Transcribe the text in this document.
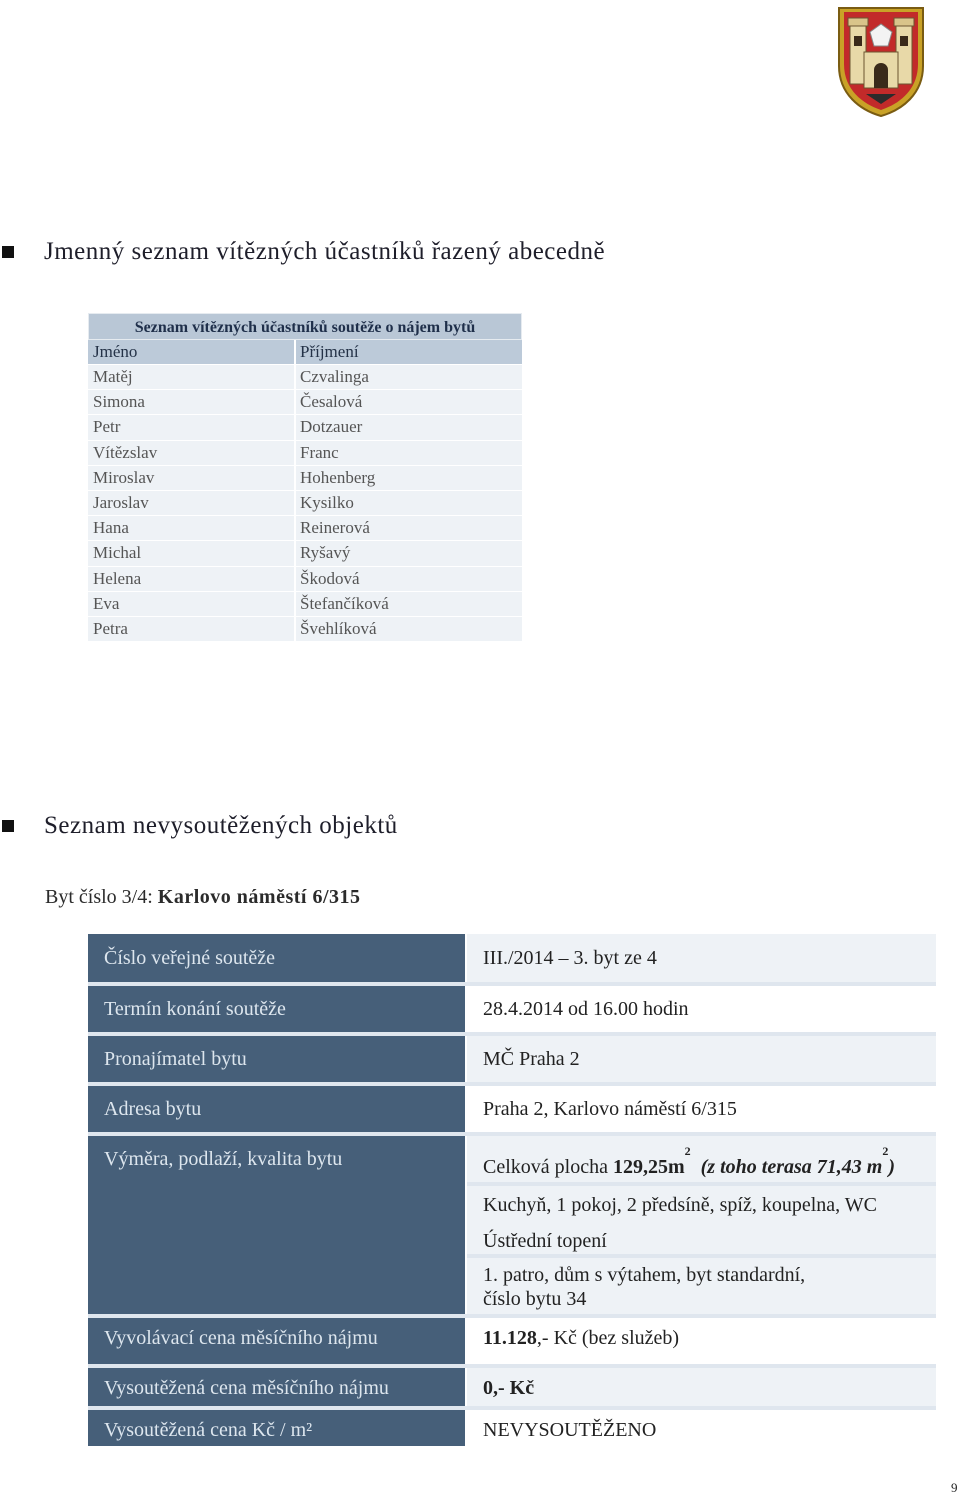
Jmenný seznam vítězných účastníků řazený abecedně
Seznam vítězných účastníků soutěže o nájem bytů
Jméno	Příjmení
Matěj	Czvalinga
Simona	Česalová
Petr	Dotzauer
Vítězslav	Franc
Miroslav	Hohenberg
Jaroslav	Kysilko
Hana	Reinerová
Michal	Ryšavý
Helena	Škodová
Eva	Štefančíková
Petra	Švehlíková
Seznam nevysoutěžených objektů
Byt číslo 3/4: Karlovo náměstí 6/315
Číslo veřejné soutěže	III./2014 – 3. byt ze 4
Termín konání soutěže	28.4.2014 od 16.00 hodin
Pronajímatel bytu	MČ Praha 2
Adresa bytu	Praha 2, Karlovo náměstí 6/315
Výměra, podlaží, kvalita bytu	Celková plocha $129,25m^2$  (z toho terasa 71,43 $m^2$)
Kuchyň, 1 pokoj, 2 předsíně, spíž, koupelna, WC
Ústřední topení
1. patro, dům s výtahem, byt standardní,
číslo bytu 34
Vyvolávací cena měsíčního nájmu	11.128,- Kč (bez služeb)
Vysoutěžená cena měsíčního nájmu	0,- Kč
Vysoutěžená cena Kč / m²	NEVYSOUTĚŽENO
9
